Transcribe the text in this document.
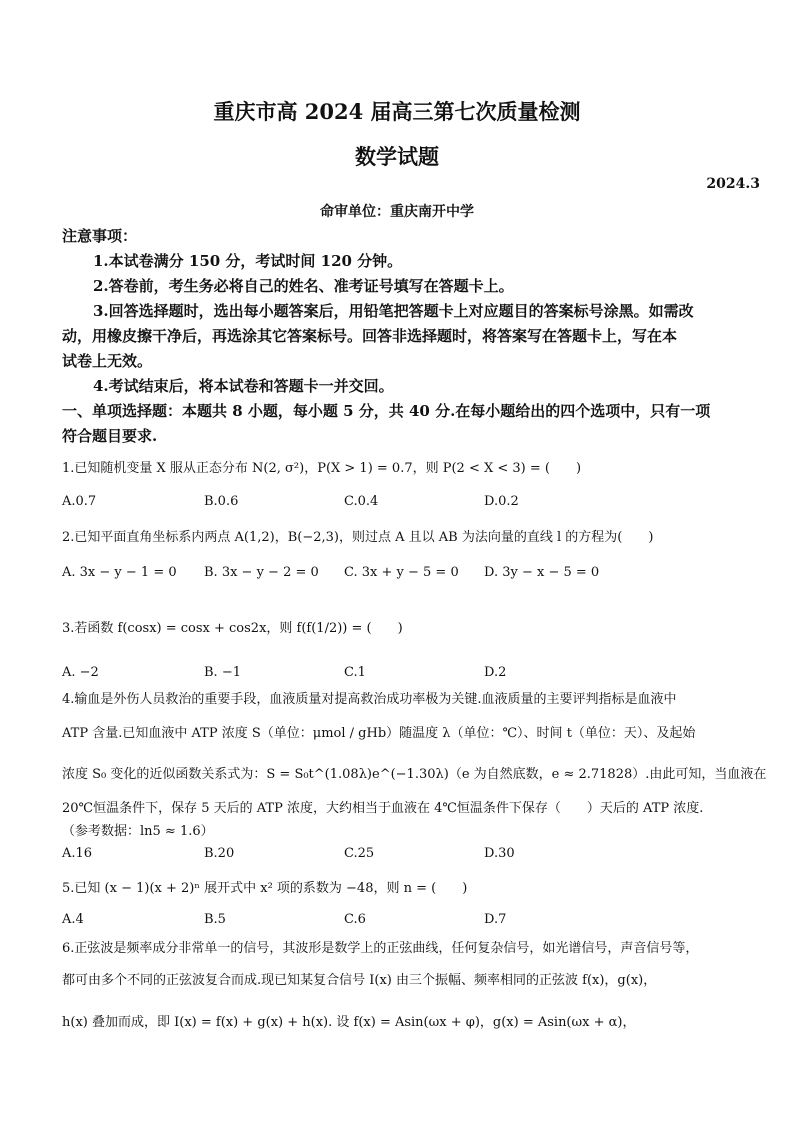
重庆市高 2024 届高三第七次质量检测
数学试题
2024.3
命审单位：重庆南开中学
注意事项：
1.本试卷满分 150 分，考试时间 120 分钟。
2.答卷前，考生务必将自己的姓名、准考证号填写在答题卡上。
3.回答选择题时，选出每小题答案后，用铅笔把答题卡上对应题目的答案标号涂黑。如需改
动，用橡皮擦干净后，再选涂其它答案标号。回答非选择题时，将答案写在答题卡上，写在本
试卷上无效。
4.考试结束后，将本试卷和答题卡一并交回。
一、单项选择题：本题共 8 小题，每小题 5 分，共 40 分.在每小题给出的四个选项中，只有一项
符合题目要求.
1.已知随机变量 X 服从正态分布 N(2, σ²)，P(X > 1) = 0.7，则 P(2 < X < 3) = (　　)
A.0.7	B.0.6	C.0.4	D.0.2
2.已知平面直角坐标系内两点 A(1,2)，B(−2,3)，则过点 A 且以 AB 为法向量的直线 l 的方程为(　　)
A. 3x − y − 1 = 0 B. 3x − y − 2 = 0 C. 3x + y − 5 = 0 D. 3y − x − 5 = 0
3.若函数 f(cosx) = cosx + cos2x，则 f(f(1/2)) = (　　)
A. −2	B. −1	C.1	D.2
4.输血是外伤人员救治的重要手段，血液质量对提高救治成功率极为关键.血液质量的主要评判指标是血液中
ATP 含量.已知血液中 ATP 浓度 S（单位：μmol / gHb）随温度 λ（单位：℃）、时间 t（单位：天）、及起始
浓度 S₀ 变化的近似函数关系式为：S = S₀t^(1.08λ)e^(−1.30λ)（e 为自然底数，e ≈ 2.71828）.由此可知，当血液在
20℃恒温条件下，保存 5 天后的 ATP 浓度，大约相当于血液在 4℃恒温条件下保存（　　）天后的 ATP 浓度.
（参考数据：ln5 ≈ 1.6）
A.16	B.20	C.25	D.30
5.已知 (x − 1)(x + 2)ⁿ 展开式中 x² 项的系数为 −48，则 n = (　　)
A.4	B.5	C.6	D.7
6.正弦波是频率成分非常单一的信号，其波形是数学上的正弦曲线，任何复杂信号，如光谱信号，声音信号等，
都可由多个不同的正弦波复合而成.现已知某复合信号 I(x) 由三个振幅、频率相同的正弦波 f(x)，g(x)，
h(x) 叠加而成，即 I(x) = f(x) + g(x) + h(x). 设 f(x) = Asin(ωx + φ)，g(x) = Asin(ωx + α)，
